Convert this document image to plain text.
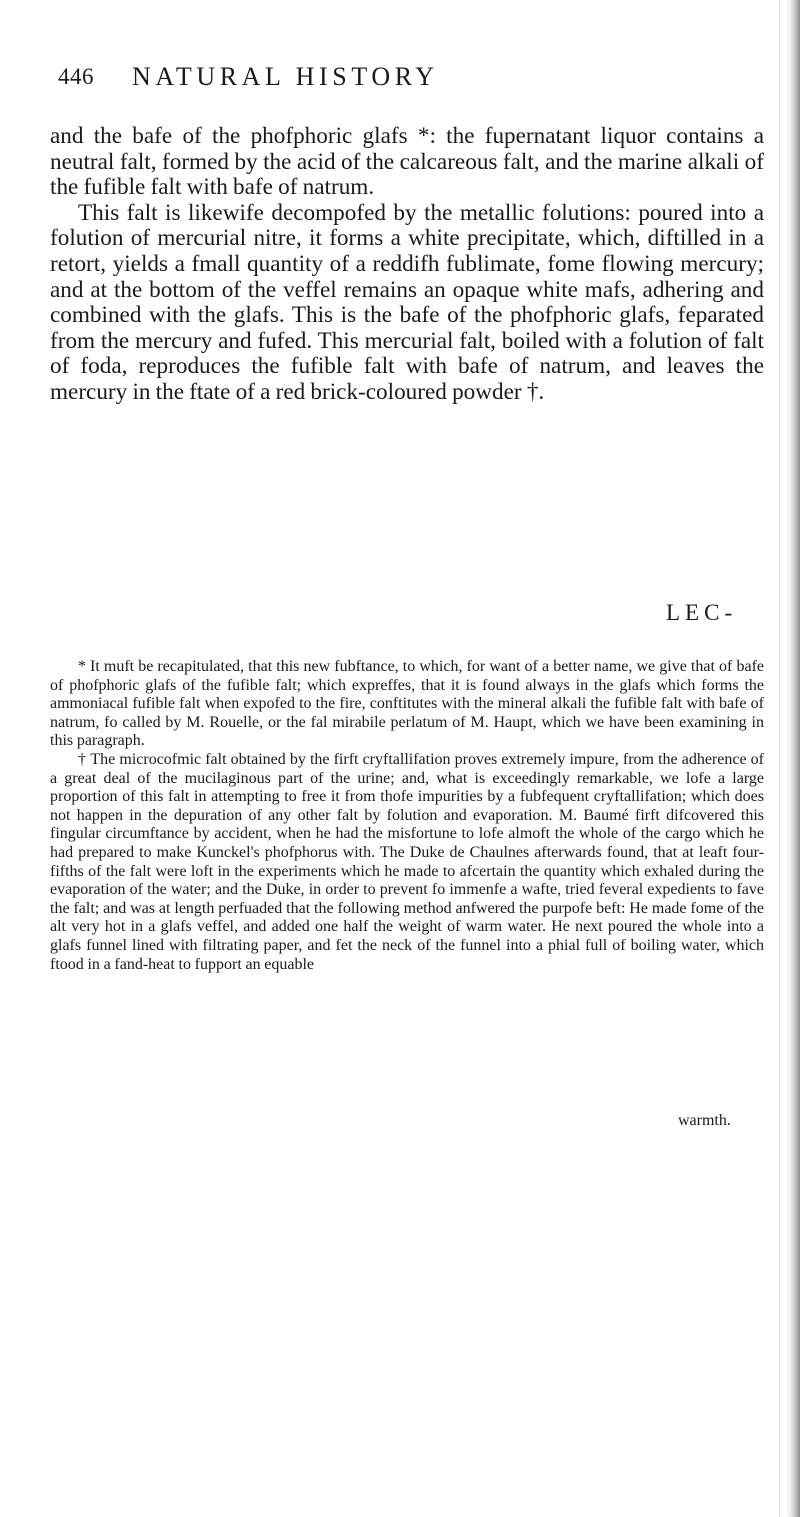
446 NATURAL HISTORY

and the bafe of the phofphoric glafs *: the fupernatant liquor contains a neutral falt, formed by the acid of the calcareous falt, and the marine alkali of the fufible falt with bafe of natrum.

This falt is likewife decompofed by the metallic folutions: poured into a folution of mercurial nitre, it forms a white precipitate, which, diftilled in a retort, yields a fmall quantity of a reddifh fublimate, fome flowing mercury; and at the bottom of the veffel remains an opaque white mafs, adhering and combined with the glafs. This is the bafe of the phofphoric glafs, feparated from the mercury and fufed. This mercurial falt, boiled with a folution of falt of foda, reproduces the fufible falt with bafe of natrum, and leaves the mercury in the ftate of a red brick-coloured powder †.

LEC-

* It muft be recapitulated, that this new fubftance, to which, for want of a better name, we give that of bafe of phofphoric glafs of the fufible falt; which expreffes, that it is found always in the glafs which forms the ammoniacal fufible falt when expofed to the fire, conftitutes with the mineral alkali the fufible falt with bafe of natrum, fo called by M. Rouelle, or the fal mirabile perlatum of M. Haupt, which we have been examining in this paragraph.

† The microcofmic falt obtained by the firft cryftallifation proves extremely impure, from the adherence of a great deal of the mucilaginous part of the urine; and, what is exceedingly remarkable, we lofe a large proportion of this falt in attempting to free it from thofe impurities by a fubfequent cryftallifation; which does not happen in the depuration of any other falt by folution and evaporation. M. Baumé firft difcovered this fingular circumftance by accident, when he had the misfortune to lofe almoft the whole of the cargo which he had prepared to make Kunckel's phofphorus with. The Duke de Chaulnes afterwards found, that at leaft four-fifths of the falt were loft in the experiments which he made to afcertain the quantity which exhaled during the evaporation of the water; and the Duke, in order to prevent fo immenfe a wafte, tried feveral expedients to fave the falt; and was at length perfuaded that the following method anfwered the purpofe beft: He made fome of the alt very hot in a glafs veffel, and added one half the weight of warm water. He next poured the whole into a glafs funnel lined with filtrating paper, and fet the neck of the funnel into a phial full of boiling water, which ftood in a fand-heat to fupport an equable

warmth.
